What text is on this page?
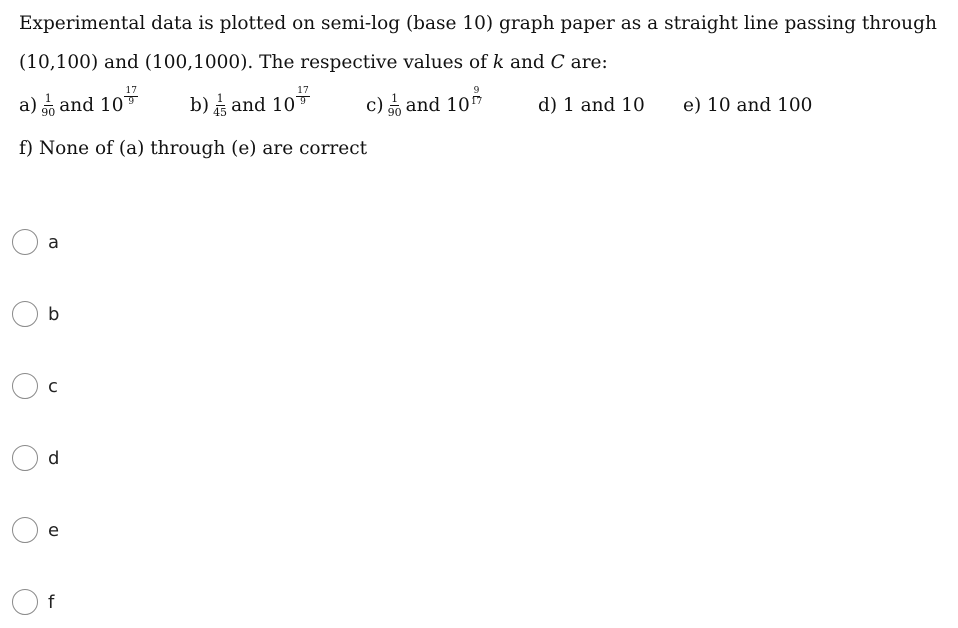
Experimental data is plotted on semi-log (base 10) graph paper as a straight line passing through
(10,100) and (100,1000). The respective values of k and C are:
$a) \frac{1}{90}$ and $10 \frac{17}{9}$	$b) \frac{1}{45}$ and $10 \frac{17}{9}$	$c) \frac{1}{90}$ and $10 \frac{9}{17}$	d) 1 and 10 e) 10 and 100
f) None of (a) through (e) are correct
a
b
c
d
e
f
